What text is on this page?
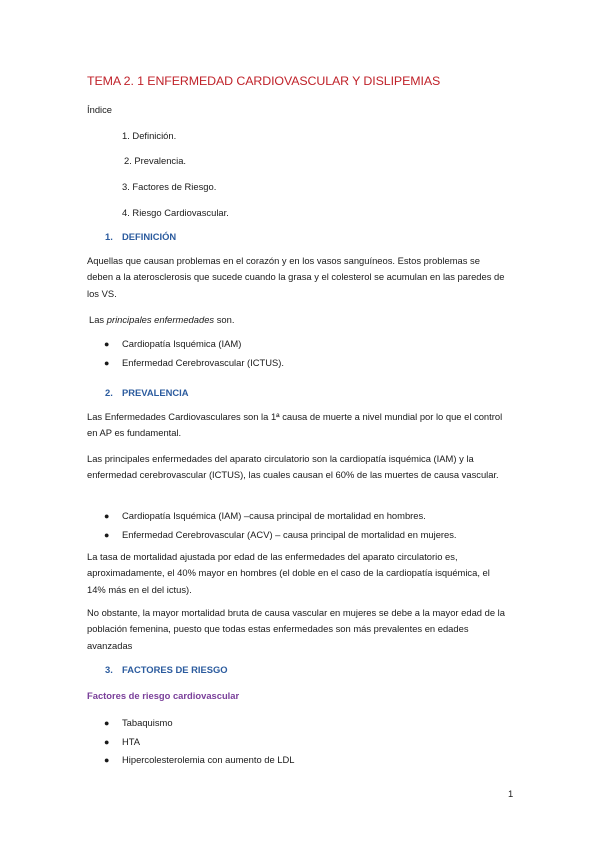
TEMA 2. 1 ENFERMEDAD CARDIOVASCULAR Y DISLIPEMIAS
Índice
1. Definición.
2. Prevalencia.
3. Factores de Riesgo.
4. Riesgo Cardiovascular.
1. DEFINICIÓN
Aquellas que causan problemas en el corazón y en los vasos sanguíneos. Estos problemas se deben a la aterosclerosis que sucede cuando la grasa y el colesterol se acumulan en las paredes de los VS.
Las principales enfermedades son.
● Cardiopatía Isquémica (IAM)
● Enfermedad Cerebrovascular (ICTUS).
2. PREVALENCIA
Las Enfermedades Cardiovasculares son la 1ª causa de muerte a nivel mundial por lo que el control en AP es fundamental.
Las principales enfermedades del aparato circulatorio son la cardiopatía isquémica (IAM) y la enfermedad cerebrovascular (ICTUS), las cuales causan el 60% de las muertes de causa vascular.
● Cardiopatía Isquémica (IAM) –causa principal de mortalidad en hombres.
● Enfermedad Cerebrovascular (ACV) – causa principal de mortalidad en mujeres.
La tasa de mortalidad ajustada por edad de las enfermedades del aparato circulatorio es, aproximadamente, el 40% mayor en hombres (el doble en el caso de la cardiopatía isquémica, el 14% más en el del ictus).
No obstante, la mayor mortalidad bruta de causa vascular en mujeres se debe a la mayor edad de la población femenina, puesto que todas estas enfermedades son más prevalentes en edades avanzadas
3. FACTORES DE RIESGO
Factores de riesgo cardiovascular
● Tabaquismo
● HTA
● Hipercolesterolemia con aumento de LDL
1
